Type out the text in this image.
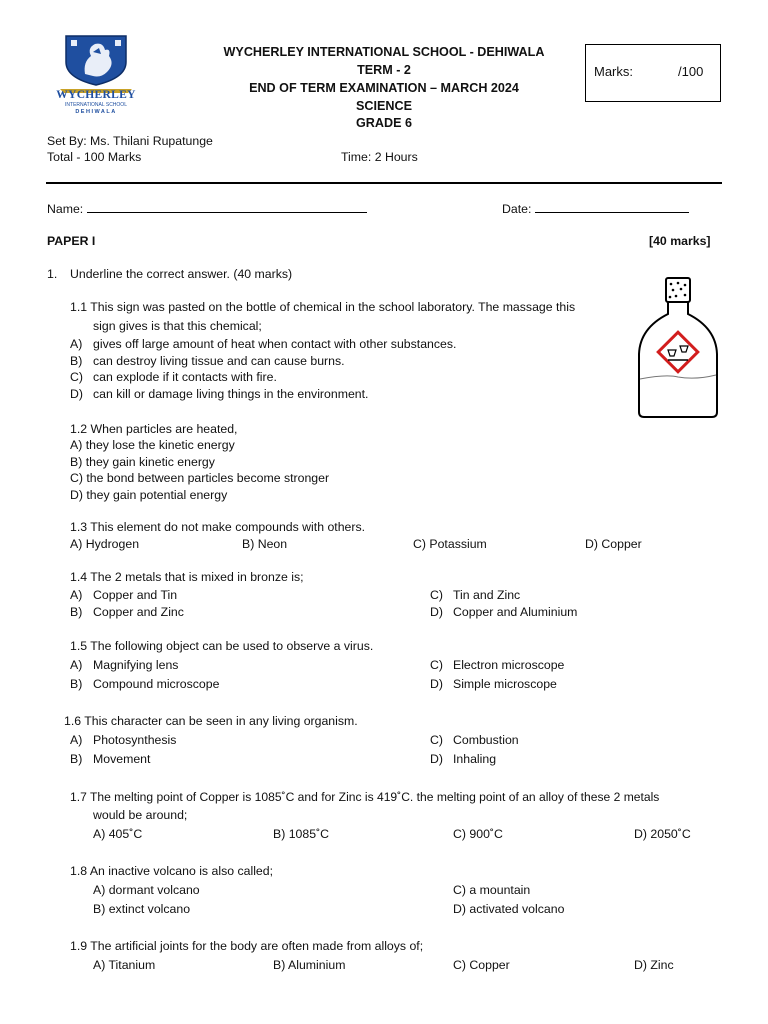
WYCHERLEY
INTERNATIONAL SCHOOL
DEHIWALA
WYCHERLEY INTERNATIONAL SCHOOL - DEHIWALA
TERM - 2
END OF TERM EXAMINATION – MARCH 2024
SCIENCE
GRADE 6
Marks:	/100
Set By: Ms. Thilani Rupatunge
Total - 100 Marks	Time: 2 Hours
Name:	Date:
PAPER I	[40 marks]
1. Underline the correct answer. (40 marks)
1.1 This sign was pasted on the bottle of chemical in the school laboratory. The massage this
sign gives is that this chemical;
A) gives off large amount of heat when contact with other substances.
B) can destroy living tissue and can cause burns.
C) can explode if it contacts with fire.
D) can kill or damage living things in the environment.
1.2 When particles are heated,
A) they lose the kinetic energy
B) they gain kinetic energy
C) the bond between particles become stronger
D) they gain potential energy
1.3 This element do not make compounds with others.
A) Hydrogen	B) Neon	C) Potassium	D) Copper
1.4 The 2 metals that is mixed in bronze is;
A) Copper and Tin
B) Copper and Zinc
C) Tin and Zinc
D) Copper and Aluminium
1.5 The following object can be used to observe a virus.
A) Magnifying lens
B) Compound microscope
C) Electron microscope
D) Simple microscope
1.6 This character can be seen in any living organism.
A) Photosynthesis
B) Movement
C) Combustion
D) Inhaling
1.7 The melting point of Copper is 1085˚C and for Zinc is 419˚C. the melting point of an alloy of these 2 metals
would be around;
A) 405˚C	B) 1085˚C	C) 900˚C	D) 2050˚C
1.8 An inactive volcano is also called;
A) dormant volcano
B) extinct volcano
C) a mountain
D) activated volcano
1.9 The artificial joints for the body are often made from alloys of;
A) Titanium	B) Aluminium	C) Copper	D) Zinc
